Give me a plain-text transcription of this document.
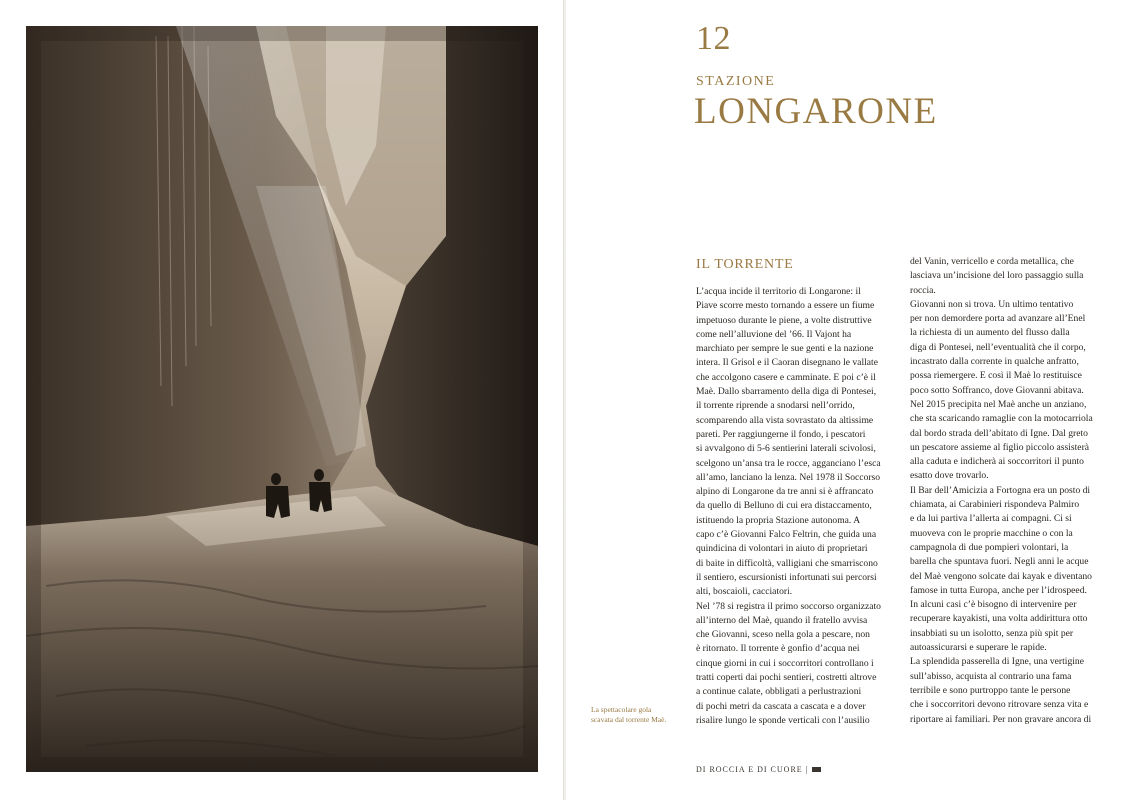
La spettacolare gola
scavata dal torrente Maè.
12
STAZIONE
LONGARONE
IL TORRENTE

L’acqua incide il territorio di Longarone: il

Piave scorre mesto tornando a essere un fiume

impetuoso durante le piene, a volte distruttive

come nell’alluvione del ’66. Il Vajont ha

marchiato per sempre le sue genti e la nazione

intera. Il Grisol e il Caoran disegnano le vallate

che accolgono casere e camminate. E poi c’è il

Maè. Dallo sbarramento della diga di Pontesei,

il torrente riprende a snodarsi nell’orrido,

scomparendo alla vista sovrastato da altissime

pareti. Per raggiungerne il fondo, i pescatori

si avvalgono di 5-6 sentierini laterali scivolosi,

scelgono un’ansa tra le rocce, agganciano l’esca

all’amo, lanciano la lenza. Nel 1978 il Soccorso

alpino di Longarone da tre anni si è affrancato

da quello di Belluno di cui era distaccamento,

istituendo la propria Stazione autonoma. A

capo c’è Giovanni Falco Feltrin, che guida una

quindicina di volontari in aiuto di proprietari

di baite in difficoltà, valligiani che smarriscono

il sentiero, escursionisti infortunati sui percorsi

alti, boscaioli, cacciatori.

Nel ’78 si registra il primo soccorso organizzato

all’interno del Maè, quando il fratello avvisa

che Giovanni, sceso nella gola a pescare, non

è ritornato. Il torrente è gonfio d’acqua nei

cinque giorni in cui i soccorritori controllano i

tratti coperti dai pochi sentieri, costretti altrove

a continue calate, obbligati a perlustrazioni

di pochi metri da cascata a cascata e a dover

risalire lungo le sponde verticali con l’ausilio

del Vanin, verricello e corda metallica, che

lasciava un’incisione del loro passaggio sulla

roccia.

Giovanni non si trova. Un ultimo tentativo

per non demordere porta ad avanzare all’Enel

la richiesta di un aumento del flusso dalla

diga di Pontesei, nell’eventualità che il corpo,

incastrato dalla corrente in qualche anfratto,

possa riemergere. E così il Maè lo restituisce

poco sotto Soffranco, dove Giovanni abitava.

Nel 2015 precipita nel Maè anche un anziano,

che sta scaricando ramaglie con la motocarriola

dal bordo strada dell’abitato di Igne. Dal greto

un pescatore assieme al figlio piccolo assisterà

alla caduta e indicherà ai soccorritori il punto

esatto dove trovarlo.

Il Bar dell’Amicizia a Fortogna era un posto di

chiamata, ai Carabinieri rispondeva Palmiro

e da lui partiva l’allerta ai compagni. Ci si

muoveva con le proprie macchine o con la

campagnola di due pompieri volontari, la

barella che spuntava fuori. Negli anni le acque

del Maè vengono solcate dai kayak e diventano

famose in tutta Europa, anche per l’idrospeed.

In alcuni casi c’è bisogno di intervenire per

recuperare kayakisti, una volta addirittura otto

insabbiati su un isolotto, senza più spit per

autoassicurarsi e superare le rapide.

La splendida passerella di Igne, una vertigine

sull’abisso, acquista al contrario una fama

terribile e sono purtroppo tante le persone

che i soccorritori devono ritrovare senza vita e

riportare ai familiari. Per non gravare ancora di

DI ROCCIA E DI CUORE |
